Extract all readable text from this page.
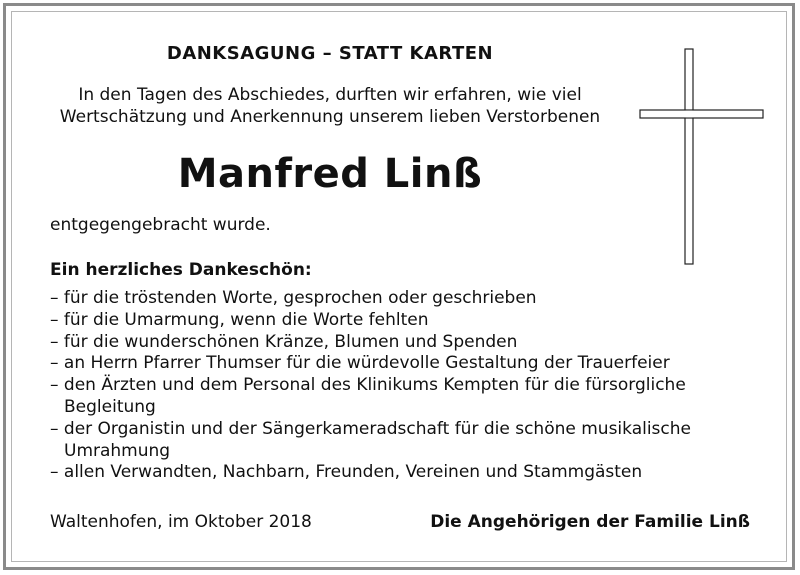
DANKSAGUNG – STATT KARTEN

In den Tagen des Abschiedes, durften wir erfahren, wie viel
Wertschätzung und Anerkennung unserem lieben Verstorbenen

Manfred Linß

entgegengebracht wurde.

Ein herzliches Dankeschön:

– für die tröstenden Worte, gesprochen oder geschrieben
– für die Umarmung, wenn die Worte fehlten
– für die wunderschönen Kränze, Blumen und Spenden
– an Herrn Pfarrer Thumser für die würdevolle Gestaltung der Trauerfeier
– den Ärzten und dem Personal des Klinikums Kempten für die fürsorgliche Begleitung
– der Organistin und der Sängerkameradschaft für die schöne musikalische Umrahmung
– allen Verwandten, Nachbarn, Freunden, Vereinen und Stammgästen

Waltenhofen, im Oktober 2018	Die Angehörigen der Familie Linß
